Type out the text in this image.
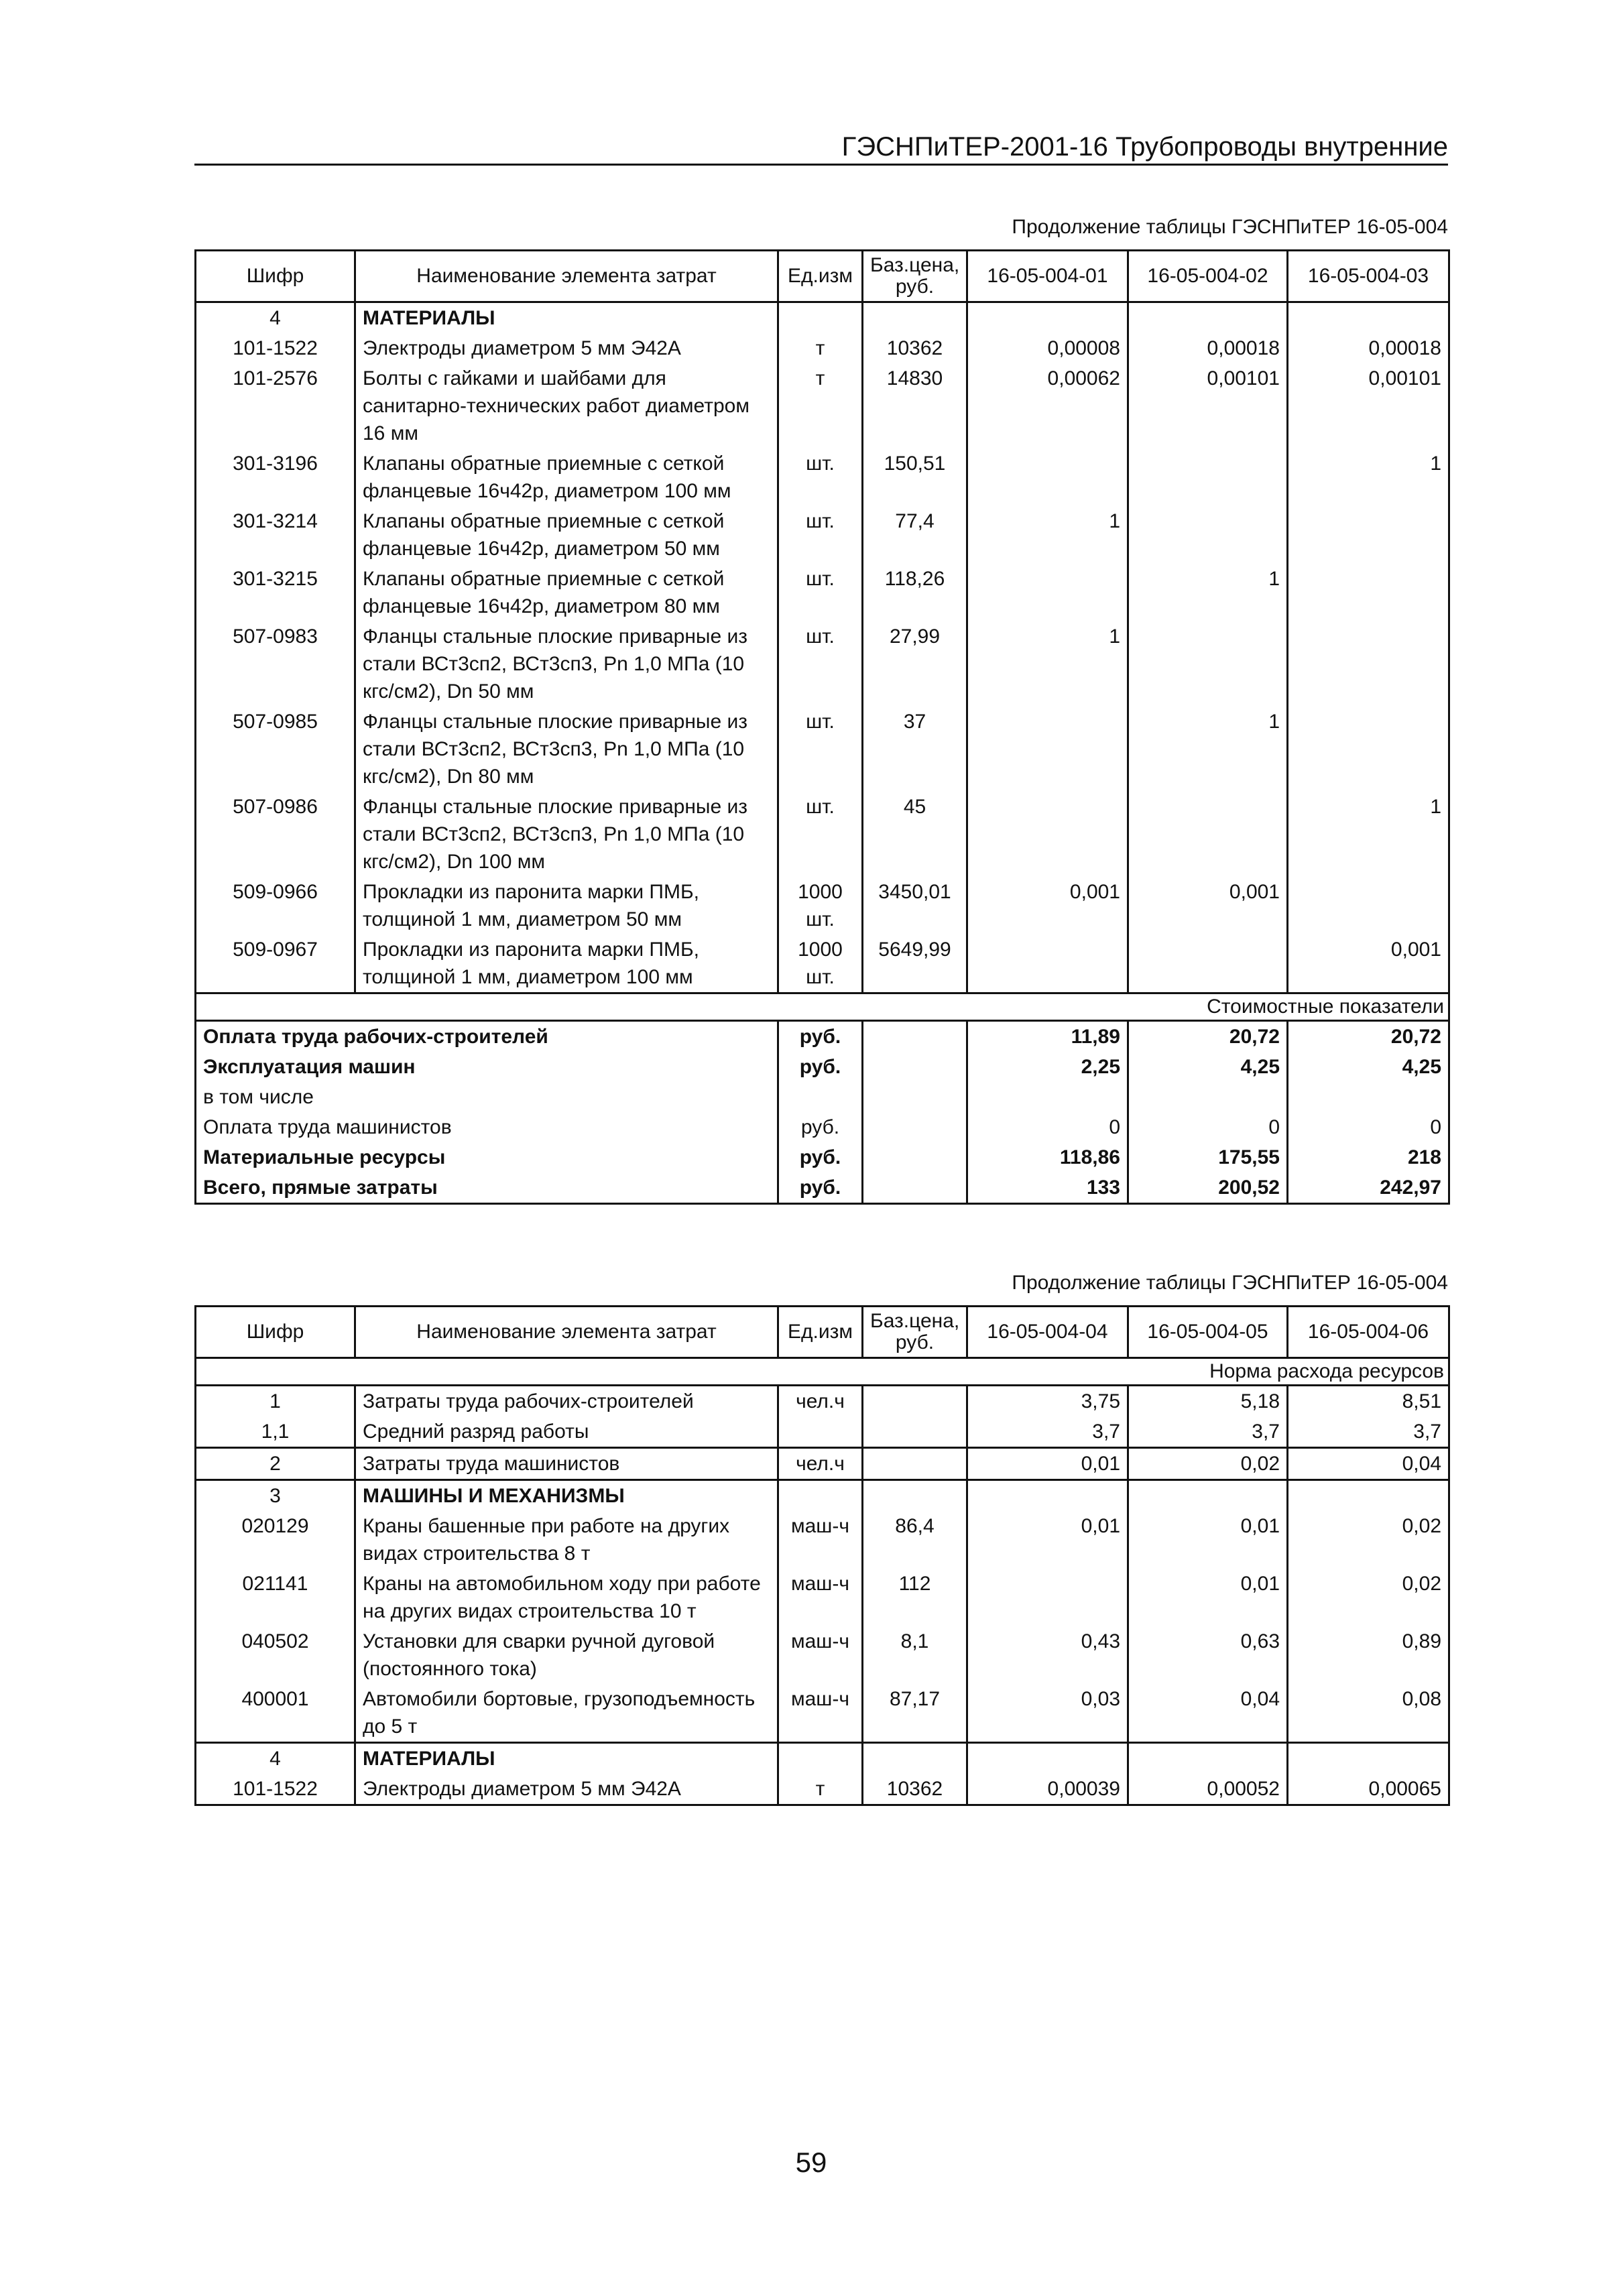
ГЭСНПиТЕР-2001-16 Трубопроводы внутренние
Продолжение таблицы ГЭСНПиТЕР 16-05-004
Шифр	Наименование элемента затрат	Ед.изм	Баз.цена, руб.	16-05-004-01	16-05-004-02	16-05-004-03
4	МАТЕРИАЛЫ					
101-1522	Электроды диаметром 5 мм Э42А	т	10362	0,00008	0,00018	0,00018
101-2576	Болты с гайками и шайбами для санитарно-технических работ диаметром 16 мм	т	14830	0,00062	0,00101	0,00101
301-3196	Клапаны обратные приемные с сеткой фланцевые 16ч42р, диаметром 100 мм	шт.	150,51			1
301-3214	Клапаны обратные приемные с сеткой фланцевые 16ч42р, диаметром 50 мм	шт.	77,4	1		
301-3215	Клапаны обратные приемные с сеткой фланцевые 16ч42р, диаметром 80 мм	шт.	118,26		1	
507-0983	Фланцы стальные плоские приварные из стали ВСт3сп2, ВСт3сп3, Рn 1,0 МПа (10 кгс/см2), Dn 50 мм	шт.	27,99	1		
507-0985	Фланцы стальные плоские приварные из стали ВСт3сп2, ВСт3сп3, Рn 1,0 МПа (10 кгс/см2), Dn 80 мм	шт.	37		1	
507-0986	Фланцы стальные плоские приварные из стали ВСт3сп2, ВСт3сп3, Рn 1,0 МПа (10 кгс/см2), Dn 100 мм	шт.	45			1
509-0966	Прокладки из паронита марки ПМБ, толщиной 1 мм, диаметром 50 мм	1000 шт.	3450,01	0,001	0,001	
509-0967	Прокладки из паронита марки ПМБ, толщиной 1 мм, диаметром 100 мм	1000 шт.	5649,99			0,001
Стоимостные показатели						
Оплата труда рабочих-строителей		руб.		11,89	20,72	20,72
Эксплуатация машин		руб.		2,25	4,25	4,25
в том числе						
Оплата труда машинистов		руб.		0	0	0
Материальные ресурсы		руб.		118,86	175,55	218
Всего, прямые затраты		руб.		133	200,52	242,97
Продолжение таблицы ГЭСНПиТЕР 16-05-004
Шифр	Наименование элемента затрат	Ед.изм	Баз.цена, руб.	16-05-004-04	16-05-004-05	16-05-004-06
Норма расхода ресурсов						
1	Затраты труда рабочих-строителей	чел.ч		3,75	5,18	8,51
1,1	Средний разряд работы			3,7	3,7	3,7
2	Затраты труда машинистов	чел.ч		0,01	0,02	0,04
3	МАШИНЫ И МЕХАНИЗМЫ					
020129	Краны башенные при работе на других видах строительства 8 т	маш-ч	86,4	0,01	0,01	0,02
021141	Краны на автомобильном ходу при работе на других видах строительства 10 т	маш-ч	112		0,01	0,02
040502	Установки для сварки ручной дуговой (постоянного тока)	маш-ч	8,1	0,43	0,63	0,89
400001	Автомобили бортовые, грузоподъемность до 5 т	маш-ч	87,17	0,03	0,04	0,08
4	МАТЕРИАЛЫ					
101-1522	Электроды диаметром 5 мм Э42А	т	10362	0,00039	0,00052	0,00065
59
